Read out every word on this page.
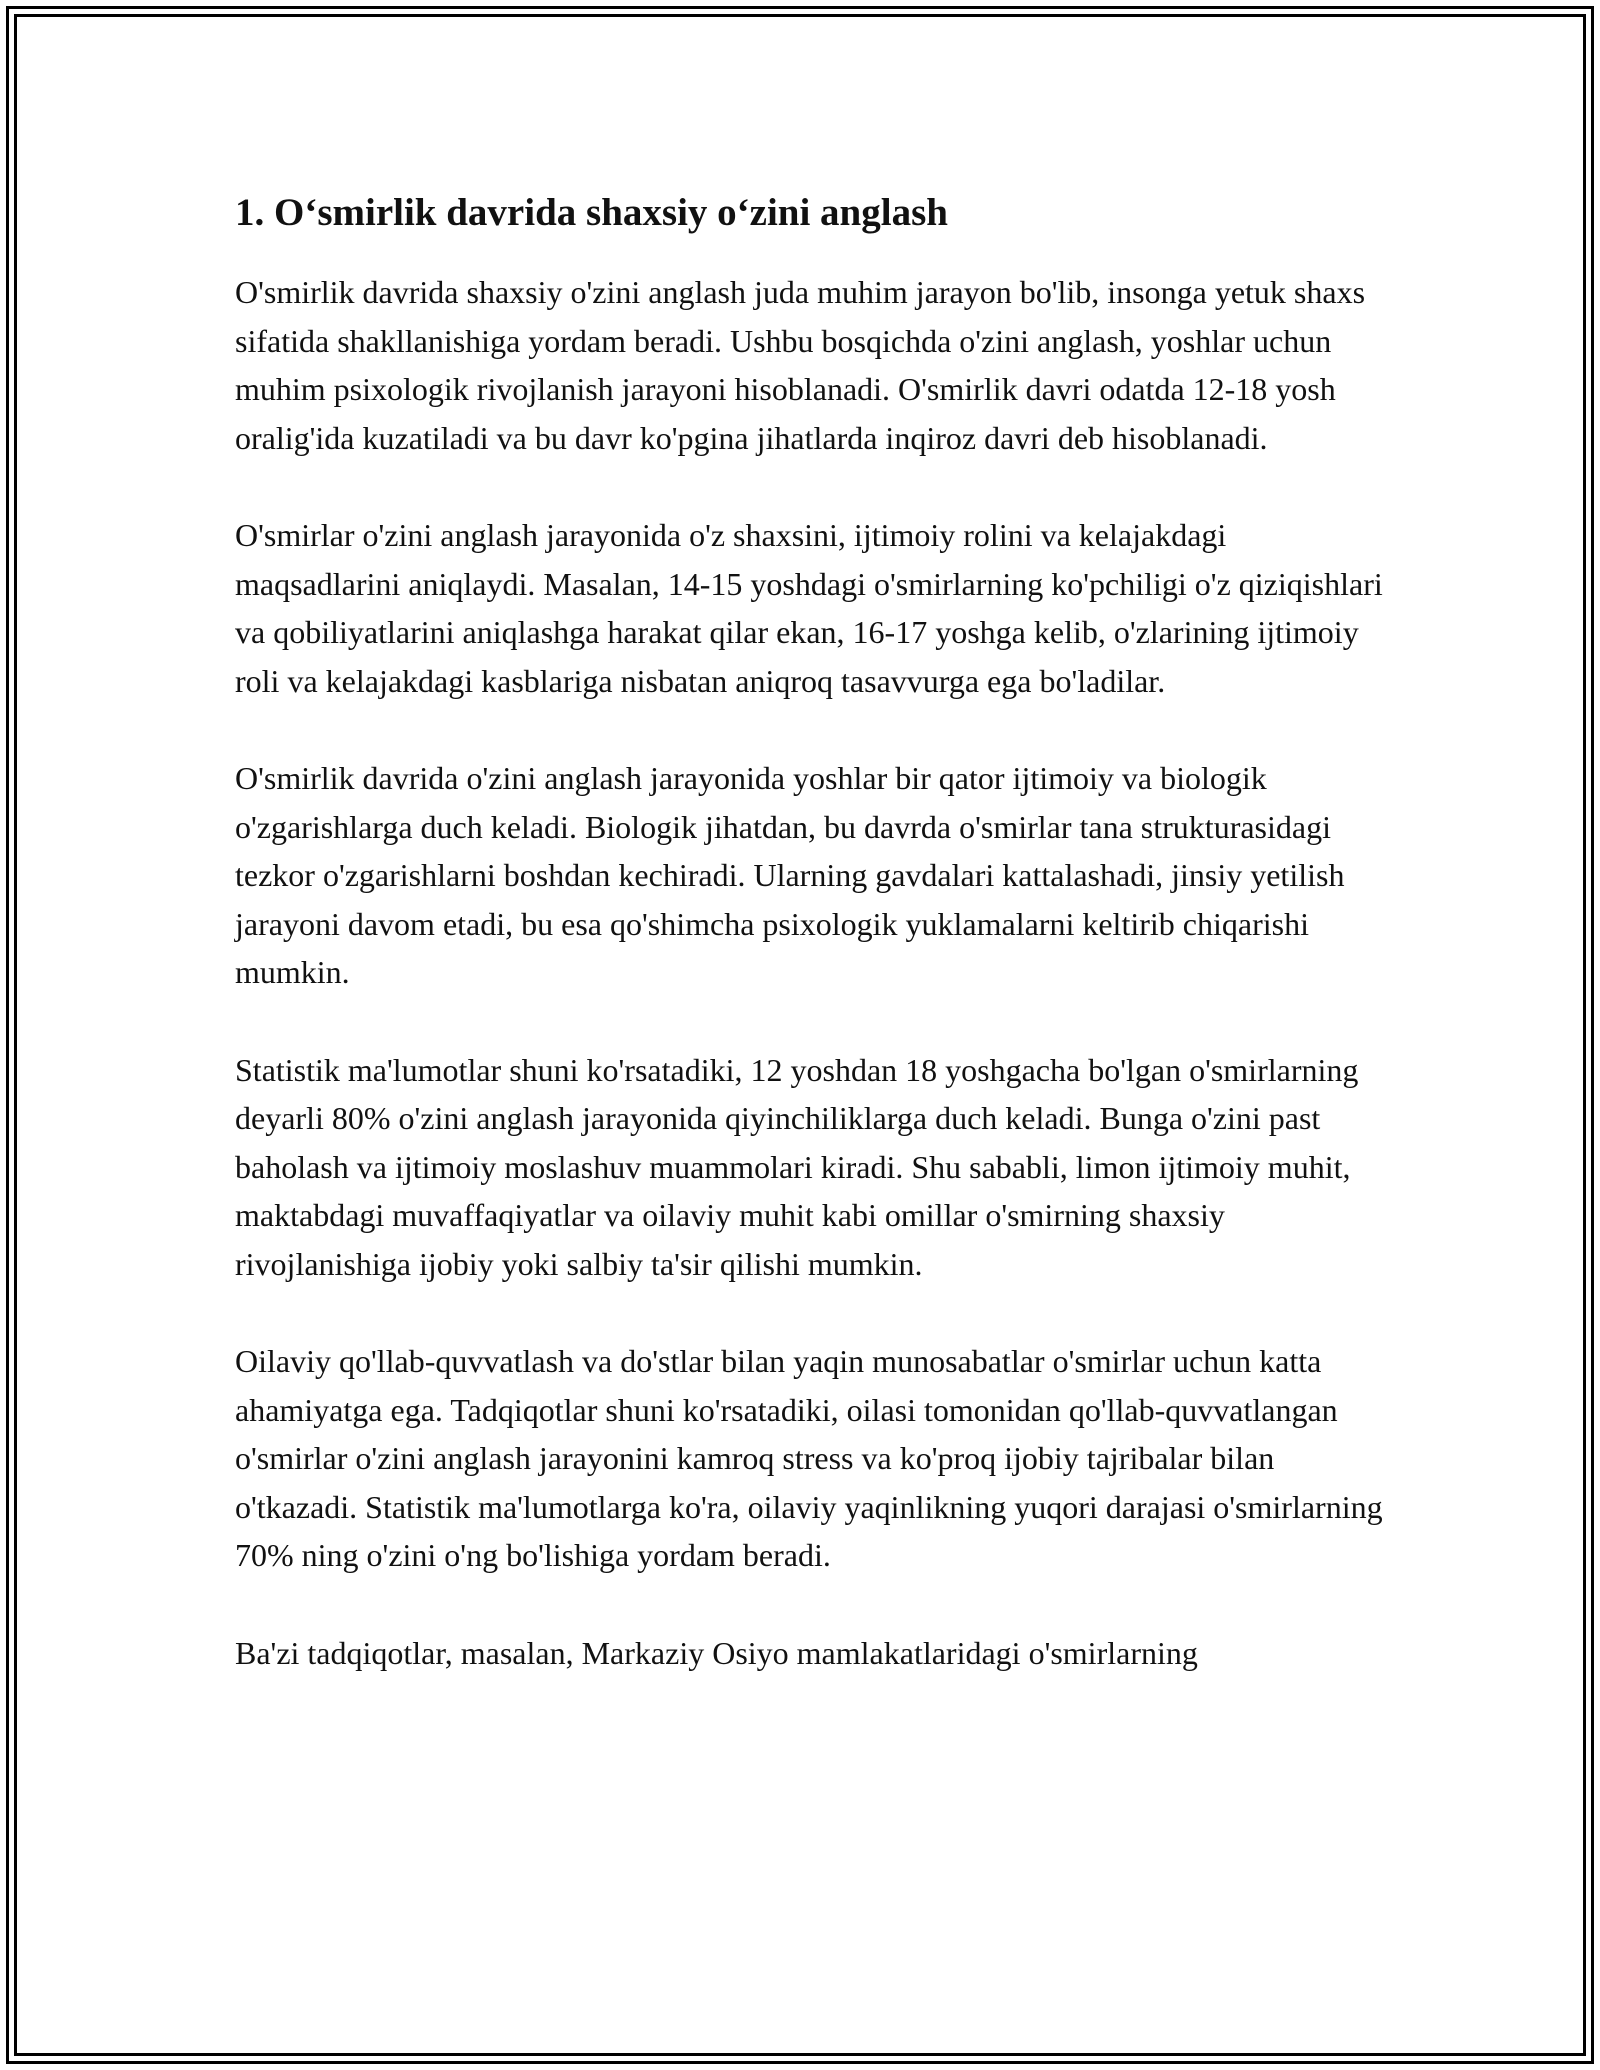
1. O‘smirlik davrida shaxsiy o‘zini anglash

O'smirlik davrida shaxsiy o'zini anglash juda muhim jarayon bo'lib, insonga yetuk shaxs sifatida shakllanishiga yordam beradi. Ushbu bosqichda o'zini anglash, yoshlar uchun muhim psixologik rivojlanish jarayoni hisoblanadi. O'smirlik davri odatda 12-18 yosh oralig'ida kuzatiladi va bu davr ko'pgina jihatlarda inqiroz davri deb hisoblanadi.

O'smirlar o'zini anglash jarayonida o'z shaxsini, ijtimoiy rolini va kelajakdagi maqsadlarini aniqlaydi. Masalan, 14-15 yoshdagi o'smirlarning ko'pchiligi o'z qiziqishlari va qobiliyatlarini aniqlashga harakat qilar ekan, 16-17 yoshga kelib, o'zlarining ijtimoiy roli va kelajakdagi kasblariga nisbatan aniqroq tasavvurga ega bo'ladilar.

O'smirlik davrida o'zini anglash jarayonida yoshlar bir qator ijtimoiy va biologik o'zgarishlarga duch keladi. Biologik jihatdan, bu davrda o'smirlar tana strukturasidagi tezkor o'zgarishlarni boshdan kechiradi. Ularning gavdalari kattalashadi, jinsiy yetilish jarayoni davom etadi, bu esa qo'shimcha psixologik yuklamalarni keltirib chiqarishi mumkin.

Statistik ma'lumotlar shuni ko'rsatadiki, 12 yoshdan 18 yoshgacha bo'lgan o'smirlarning deyarli 80% o'zini anglash jarayonida qiyinchiliklarga duch keladi. Bunga o'zini past baholash va ijtimoiy moslashuv muammolari kiradi. Shu sababli, limon ijtimoiy muhit, maktabdagi muvaffaqiyatlar va oilaviy muhit kabi omillar o'smirning shaxsiy rivojlanishiga ijobiy yoki salbiy ta'sir qilishi mumkin.

Oilaviy qo'llab-quvvatlash va do'stlar bilan yaqin munosabatlar o'smirlar uchun katta ahamiyatga ega. Tadqiqotlar shuni ko'rsatadiki, oilasi tomonidan qo'llab-quvvatlangan o'smirlar o'zini anglash jarayonini kamroq stress va ko'proq ijobiy tajribalar bilan o'tkazadi. Statistik ma'lumotlarga ko'ra, oilaviy yaqinlikning yuqori darajasi o'smirlarning 70% ning o'zini o'ng bo'lishiga yordam beradi.

Ba'zi tadqiqotlar, masalan, Markaziy Osiyo mamlakatlaridagi o'smirlarning
